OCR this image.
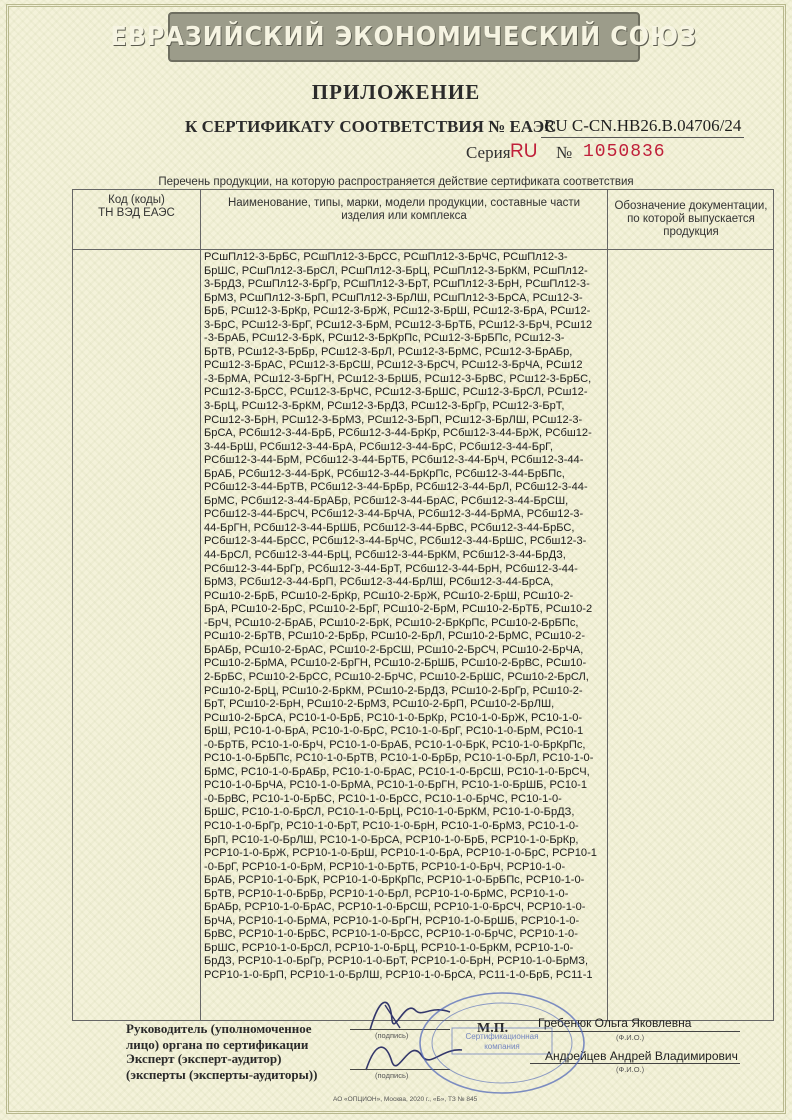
ЕВРАЗИЙСКИЙ ЭКОНОМИЧЕСКИЙ СОЮЗ
ПРИЛОЖЕНИЕ
К СЕРТИФИКАТУ СООТВЕТСТВИЯ № ЕАЭС
RU C-CN.НВ26.В.04706/24
Серия RU № 1050836
Перечень продукции, на которую распространяется действие сертификата соответствия
Код (коды)
ТН ВЭД ЕАЭС
Наименование, типы, марки, модели продукции, составные части изделия или комплекса
Обозначение документации, по которой выпускается продукция
РСшПл12-3-БрБС, РСшПл12-3-БрСС, РСшПл12-3-БрЧС, РСшПл12-3-
БрШС, РСшПл12-3-БрСЛ, РСшПл12-3-БрЦ, РСшПл12-3-БрКМ, РСшПл12-
3-БрДЗ, РСшПл12-3-БрГр, РСшПл12-3-БрТ, РСшПл12-3-БрН, РСшПл12-3-
БрМЗ, РСшПл12-3-БрП, РСшПл12-3-БрЛШ, РСшПл12-3-БрСА, РСш12-3-
БрБ, РСш12-3-БрКр, РСш12-3-БрЖ, РСш12-3-БрШ, РСш12-3-БрА, РСш12-
3-БрС, РСш12-3-БрГ, РСш12-3-БрМ, РСш12-3-БрТБ, РСш12-3-БрЧ, РСш12
-3-БрАБ, РСш12-3-БрК, РСш12-3-БрКрПс, РСш12-3-БрБПс, РСш12-3-
БрТВ, РСш12-3-БрБр, РСш12-3-БрЛ, РСш12-3-БрМС, РСш12-3-БрАБр,
РСш12-3-БрАС, РСш12-3-БрСШ, РСш12-3-БрСЧ, РСш12-3-БрЧА, РСш12
-3-БрМА, РСш12-3-БрГН, РСш12-3-БрШБ, РСш12-3-БрВС, РСш12-3-БрБС,
РСш12-3-БрСС, РСш12-3-БрЧС, РСш12-3-БрШС, РСш12-3-БрСЛ, РСш12-
3-БрЦ, РСш12-3-БрКМ, РСш12-3-БрДЗ, РСш12-3-БрГр, РСш12-3-БрТ,
РСш12-3-БрН, РСш12-3-БрМЗ, РСш12-3-БрП, РСш12-3-БрЛШ, РСш12-3-
БрСА, РСбш12-3-44-БрБ, РСбш12-3-44-БрКр, РСбш12-3-44-БрЖ, РСбш12-
3-44-БрШ, РСбш12-3-44-БрА, РСбш12-3-44-БрС, РСбш12-3-44-БрГ,
РСбш12-3-44-БрМ, РСбш12-3-44-БрТБ, РСбш12-3-44-БрЧ, РСбш12-3-44-
БрАБ, РСбш12-3-44-БрК, РСбш12-3-44-БрКрПс, РСбш12-3-44-БрБПс,
РСбш12-3-44-БрТВ, РСбш12-3-44-БрБр, РСбш12-3-44-БрЛ, РСбш12-3-44-
БрМС, РСбш12-3-44-БрАБр, РСбш12-3-44-БрАС, РСбш12-3-44-БрСШ,
РСбш12-3-44-БрСЧ, РСбш12-3-44-БрЧА, РСбш12-3-44-БрМА, РСбш12-3-
44-БрГН, РСбш12-3-44-БрШБ, РСбш12-3-44-БрВС, РСбш12-3-44-БрБС,
РСбш12-3-44-БрСС, РСбш12-3-44-БрЧС, РСбш12-3-44-БрШС, РСбш12-3-
44-БрСЛ, РСбш12-3-44-БрЦ, РСбш12-3-44-БрКМ, РСбш12-3-44-БрДЗ,
РСбш12-3-44-БрГр, РСбш12-3-44-БрТ, РСбш12-3-44-БрН, РСбш12-3-44-
БрМЗ, РСбш12-3-44-БрП, РСбш12-3-44-БрЛШ, РСбш12-3-44-БрСА,
РСш10-2-БрБ, РСш10-2-БрКр, РСш10-2-БрЖ, РСш10-2-БрШ, РСш10-2-
БрА, РСш10-2-БрС, РСш10-2-БрГ, РСш10-2-БрМ, РСш10-2-БрТБ, РСш10-2
-БрЧ, РСш10-2-БрАБ, РСш10-2-БрК, РСш10-2-БрКрПс, РСш10-2-БрБПс,
РСш10-2-БрТВ, РСш10-2-БрБр, РСш10-2-БрЛ, РСш10-2-БрМС, РСш10-2-
БрАБр, РСш10-2-БрАС, РСш10-2-БрСШ, РСш10-2-БрСЧ, РСш10-2-БрЧА,
РСш10-2-БрМА, РСш10-2-БрГН, РСш10-2-БрШБ, РСш10-2-БрВС, РСш10-
2-БрБС, РСш10-2-БрСС, РСш10-2-БрЧС, РСш10-2-БрШС, РСш10-2-БрСЛ,
РСш10-2-БрЦ, РСш10-2-БрКМ, РСш10-2-БрДЗ, РСш10-2-БрГр, РСш10-2-
БрТ, РСш10-2-БрН, РСш10-2-БрМЗ, РСш10-2-БрП, РСш10-2-БрЛШ,
РСш10-2-БрСА, РС10-1-0-БрБ, РС10-1-0-БрКр, РС10-1-0-БрЖ, РС10-1-0-
БрШ, РС10-1-0-БрА, РС10-1-0-БрС, РС10-1-0-БрГ, РС10-1-0-БрМ, РС10-1
-0-БрТБ, РС10-1-0-БрЧ, РС10-1-0-БрАБ, РС10-1-0-БрК, РС10-1-0-БрКрПс,
РС10-1-0-БрБПс, РС10-1-0-БрТВ, РС10-1-0-БрБр, РС10-1-0-БрЛ, РС10-1-0-
БрМС, РС10-1-0-БрАБр, РС10-1-0-БрАС, РС10-1-0-БрСШ, РС10-1-0-БрСЧ,
РС10-1-0-БрЧА, РС10-1-0-БрМА, РС10-1-0-БрГН, РС10-1-0-БрШБ, РС10-1
-0-БрВС, РС10-1-0-БрБС, РС10-1-0-БрСС, РС10-1-0-БрЧС, РС10-1-0-
БрШС, РС10-1-0-БрСЛ, РС10-1-0-БрЦ, РС10-1-0-БрКМ, РС10-1-0-БрДЗ,
РС10-1-0-БрГр, РС10-1-0-БрТ, РС10-1-0-БрН, РС10-1-0-БрМЗ, РС10-1-0-
БрП, РС10-1-0-БрЛШ, РС10-1-0-БрСА, РСР10-1-0-БрБ, РСР10-1-0-БрКр,
РСР10-1-0-БрЖ, РСР10-1-0-БрШ, РСР10-1-0-БрА, РСР10-1-0-БрС, РСР10-1
-0-БрГ, РСР10-1-0-БрМ, РСР10-1-0-БрТБ, РСР10-1-0-БрЧ, РСР10-1-0-
БрАБ, РСР10-1-0-БрК, РСР10-1-0-БрКрПс, РСР10-1-0-БрБПс, РСР10-1-0-
БрТВ, РСР10-1-0-БрБр, РСР10-1-0-БрЛ, РСР10-1-0-БрМС, РСР10-1-0-
БрАБр, РСР10-1-0-БрАС, РСР10-1-0-БрСШ, РСР10-1-0-БрСЧ, РСР10-1-0-
БрЧА, РСР10-1-0-БрМА, РСР10-1-0-БрГН, РСР10-1-0-БрШБ, РСР10-1-0-
БрВС, РСР10-1-0-БрБС, РСР10-1-0-БрСС, РСР10-1-0-БрЧС, РСР10-1-0-
БрШС, РСР10-1-0-БрСЛ, РСР10-1-0-БрЦ, РСР10-1-0-БрКМ, РСР10-1-0-
БрДЗ, РСР10-1-0-БрГр, РСР10-1-0-БрТ, РСР10-1-0-БрН, РСР10-1-0-БрМЗ,
РСР10-1-0-БрП, РСР10-1-0-БрЛШ, РСР10-1-0-БрСА, РС11-1-0-БрБ, РС11-1
Руководитель (уполномоченное
лицо) органа по сертификации
(подпись)	М.П. Гребенюк Ольга Яковлевна
(Ф.И.О.)
Эксперт (эксперт-аудитор)
(эксперты (эксперты-аудиторы))	(подпись)
Андрейцев Андрей Владимирович
(Ф.И.О.)
Сертификационная
компания
АО «ОПЦИОН», Москва, 2020 г., «Б», ТЗ № 845
